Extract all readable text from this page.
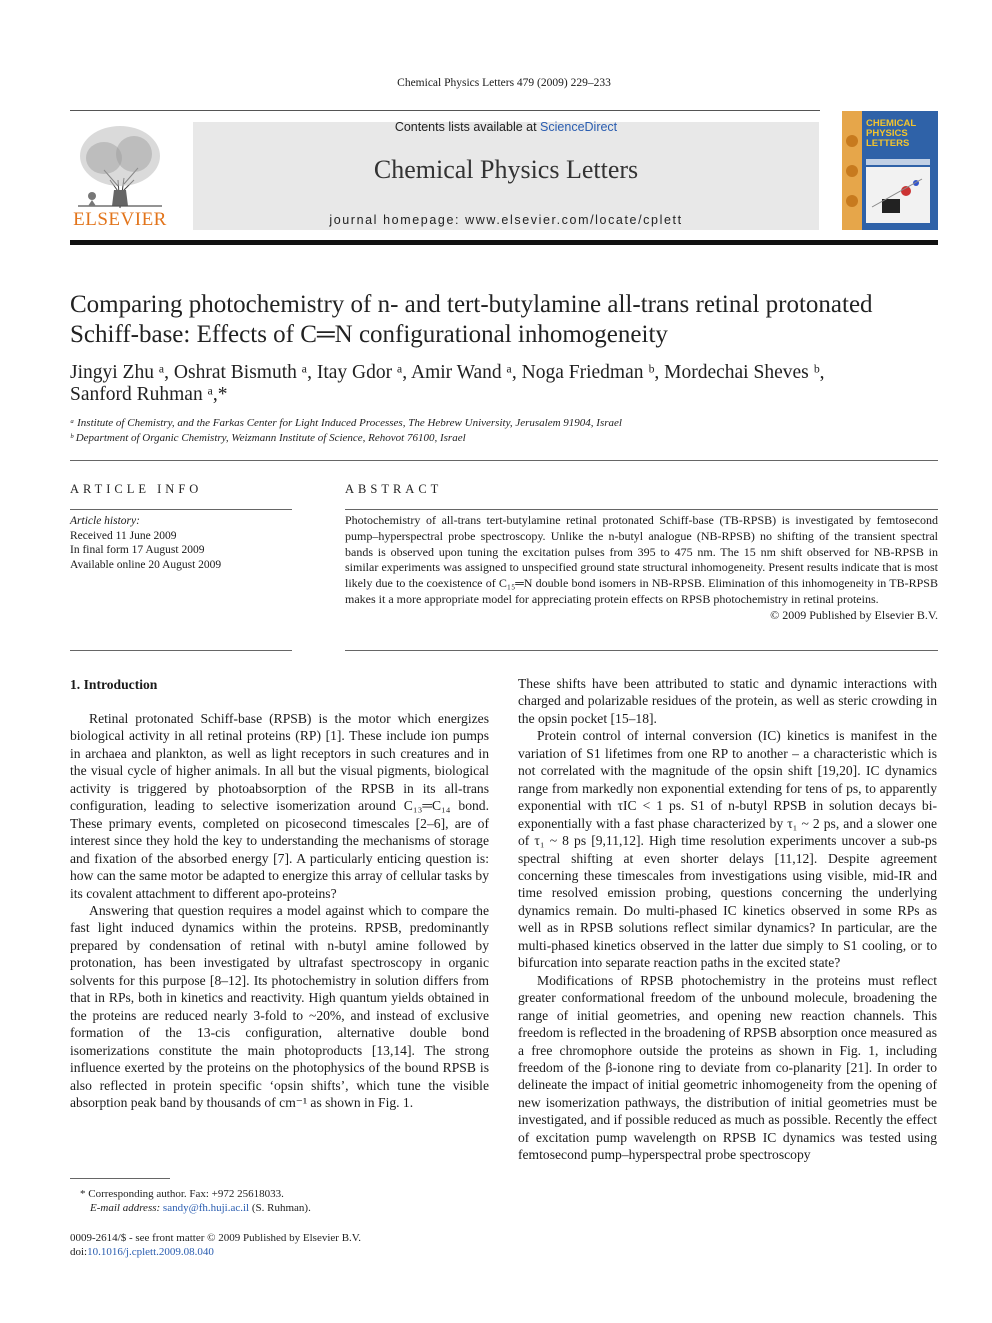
Chemical Physics Letters 479 (2009) 229–233
ELSEVIER
Contents lists available at ScienceDirect
Chemical Physics Letters
journal homepage: www.elsevier.com/locate/cplett
CHEMICAL
PHYSICS
LETTERS
Comparing photochemistry of n- and tert-butylamine all-trans retinal protonated
Schiff-base: Effects of C═N configurational inhomogeneity
Jingyi Zhu ᵃ, Oshrat Bismuth ᵃ, Itay Gdor ᵃ, Amir Wand ᵃ, Noga Friedman ᵇ, Mordechai Sheves ᵇ,
Sanford Ruhman ᵃ,*
ᵃ Institute of Chemistry, and the Farkas Center for Light Induced Processes, The Hebrew University, Jerusalem 91904, Israel
ᵇ Department of Organic Chemistry, Weizmann Institute of Science, Rehovot 76100, Israel
ARTICLE INFO
Article history:
Received 11 June 2009
In final form 17 August 2009
Available online 20 August 2009
ABSTRACT
Photochemistry of all-trans tert-butylamine retinal protonated Schiff-base (TB-RPSB) is investigated by femtosecond pump–hyperspectral probe spectroscopy. Unlike the n-butyl analogue (NB-RPSB) no shifting of the transient spectral bands is observed upon tuning the excitation pulses from 395 to 475 nm. The 15 nm shift observed for NB-RPSB in similar experiments was assigned to unspecified ground state structural inhomogeneity. Present results indicate that is most likely due to the coexistence of C₁₅═N double bond isomers in NB-RPSB. Elimination of this inhomogeneity in TB-RPSB makes it a more appropriate model for appreciating protein effects on RPSB photochemistry in retinal proteins.
© 2009 Published by Elsevier B.V.
1. Introduction

Retinal protonated Schiff-base (RPSB) is the motor which energizes biological activity in all retinal proteins (RP) [1]. These include ion pumps in archaea and plankton, as well as light receptors in such creatures and in the visual cycle of higher animals. In all but the visual pigments, biological activity is triggered by photoabsorption of the RPSB in its all-trans configuration, leading to selective isomerization around C₁₃═C₁₄ bond. These primary events, completed on picosecond timescales [2–6], are of interest since they hold the key to understanding the mechanisms of storage and fixation of the absorbed energy [7]. A particularly enticing question is: how can the same motor be adapted to energize this array of cellular tasks by its covalent attachment to different apo-proteins?

Answering that question requires a model against which to compare the fast light induced dynamics within the proteins. RPSB, predominantly prepared by condensation of retinal with n-butyl amine followed by protonation, has been investigated by ultrafast spectroscopy in organic solvents for this purpose [8–12]. Its photochemistry in solution differs from that in RPs, both in kinetics and reactivity. High quantum yields obtained in the proteins are reduced nearly 3-fold to ~20%, and instead of exclusive formation of the 13-cis configuration, alternative double bond isomerizations constitute the main photoproducts [13,14]. The strong influence exerted by the proteins on the photophysics of the bound RPSB is also reflected in protein specific ‘opsin shifts’, which tune the visible absorption peak band by thousands of cm⁻¹ as shown in Fig. 1.

These shifts have been attributed to static and dynamic interactions with charged and polarizable residues of the protein, as well as steric crowding in the opsin pocket [15–18].

Protein control of internal conversion (IC) kinetics is manifest in the variation of S1 lifetimes from one RP to another – a characteristic which is not correlated with the magnitude of the opsin shift [19,20]. IC dynamics range from markedly non exponential extending for tens of ps, to apparently exponential with τIC < 1 ps. S1 of n-butyl RPSB in solution decays bi-exponentially with a fast phase characterized by τ₁ ~ 2 ps, and a slower one of τ₁ ~ 8 ps [9,11,12]. High time resolution experiments uncover a sub-ps spectral shifting at even shorter delays [11,12]. Despite agreement concerning these timescales from investigations using visible, mid-IR and time resolved emission probing, questions concerning the underlying dynamics remain. Do multi-phased IC kinetics observed in some RPs as well as in RPSB solutions reflect similar dynamics? In particular, are the multi-phased kinetics observed in the latter due simply to S1 cooling, or to bifurcation into separate reaction paths in the excited state?

Modifications of RPSB photochemistry in the proteins must reflect greater conformational freedom of the unbound molecule, broadening the range of initial geometries, and opening new reaction channels. This freedom is reflected in the broadening of RPSB absorption once measured as a free chromophore outside the proteins as shown in Fig. 1, including freedom of the β-ionone ring to deviate from co-planarity [21]. In order to delineate the impact of initial geometric inhomogeneity from the opening of new isomerization pathways, the distribution of initial geometries must be investigated, and if possible reduced as much as possible. Recently the effect of excitation pump wavelength on RPSB IC dynamics was tested using femtosecond pump–hyperspectral probe spectroscopy

* Corresponding author. Fax: +972 25618033.
E-mail address: sandy@fh.huji.ac.il (S. Ruhman).
0009-2614/$ - see front matter © 2009 Published by Elsevier B.V.
doi:10.1016/j.cplett.2009.08.040
